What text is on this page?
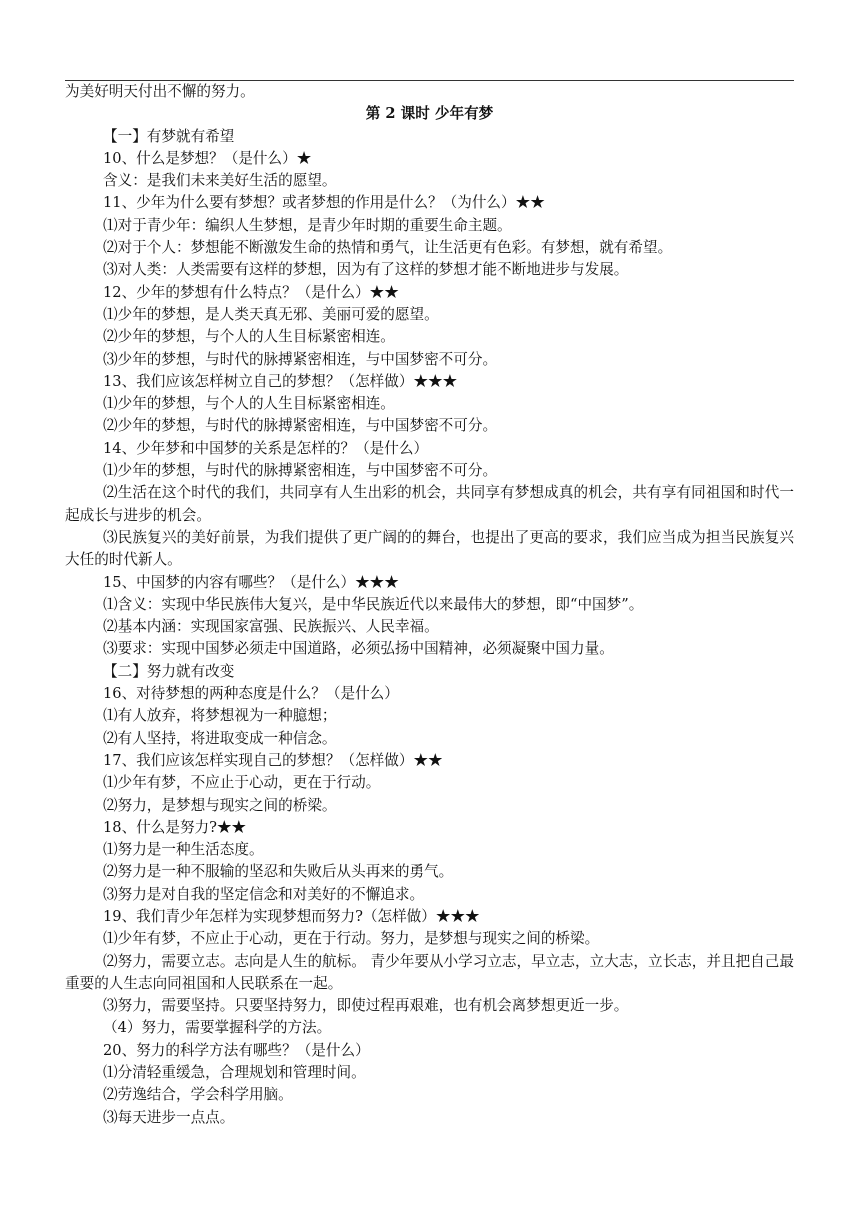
为美好明天付出不懈的努力。

第 2 课时 少年有梦

【一】有梦就有希望

10、什么是梦想？（是什么）★

含义：是我们未来美好生活的愿望。

11、少年为什么要有梦想？或者梦想的作用是什么？（为什么）★★

⑴对于青少年：编织人生梦想，是青少年时期的重要生命主题。

⑵对于个人：梦想能不断激发生命的热情和勇气，让生活更有色彩。有梦想，就有希望。

⑶对人类：人类需要有这样的梦想，因为有了这样的梦想才能不断地进步与发展。

12、少年的梦想有什么特点？（是什么）★★

⑴少年的梦想，是人类天真无邪、美丽可爱的愿望。

⑵少年的梦想，与个人的人生目标紧密相连。

⑶少年的梦想，与时代的脉搏紧密相连，与中国梦密不可分。

13、我们应该怎样树立自己的梦想？（怎样做）★★★

⑴少年的梦想，与个人的人生目标紧密相连。

⑵少年的梦想，与时代的脉搏紧密相连，与中国梦密不可分。

14、少年梦和中国梦的关系是怎样的？（是什么）

⑴少年的梦想，与时代的脉搏紧密相连，与中国梦密不可分。

⑵生活在这个时代的我们，共同享有人生出彩的机会，共同享有梦想成真的机会，共有享有同祖国和时代一起成长与进步的机会。

⑶民族复兴的美好前景，为我们提供了更广阔的的舞台，也提出了更高的要求，我们应当成为担当民族复兴大任的时代新人。

15、中国梦的内容有哪些？（是什么）★★★

⑴含义：实现中华民族伟大复兴，是中华民族近代以来最伟大的梦想，即“中国梦”。

⑵基本内涵：实现国家富强、民族振兴、人民幸福。

⑶要求：实现中国梦必须走中国道路，必须弘扬中国精神，必须凝聚中国力量。

【二】努力就有改变

16、对待梦想的两种态度是什么？（是什么）

⑴有人放弃，将梦想视为一种臆想；

⑵有人坚持，将进取变成一种信念。

17、我们应该怎样实现自己的梦想？（怎样做）★★

⑴少年有梦，不应止于心动，更在于行动。

⑵努力，是梦想与现实之间的桥梁。

18、什么是努力?★★

⑴努力是一种生活态度。

⑵努力是一种不服输的坚忍和失败后从头再来的勇气。

⑶努力是对自我的坚定信念和对美好的不懈追求。

19、我们青少年怎样为实现梦想而努力?（怎样做）★★★

⑴少年有梦，不应止于心动，更在于行动。努力，是梦想与现实之间的桥梁。

⑵努力，需要立志。志向是人生的航标。 青少年要从小学习立志，早立志，立大志，立长志，并且把自己最重要的人生志向同祖国和人民联系在一起。

⑶努力，需要坚持。只要坚持努力，即使过程再艰难，也有机会离梦想更近一步。

（4）努力，需要掌握科学的方法。

20、努力的科学方法有哪些？（是什么）

⑴分清轻重缓急，合理规划和管理时间。

⑵劳逸结合，学会科学用脑。

⑶每天进步一点点。
